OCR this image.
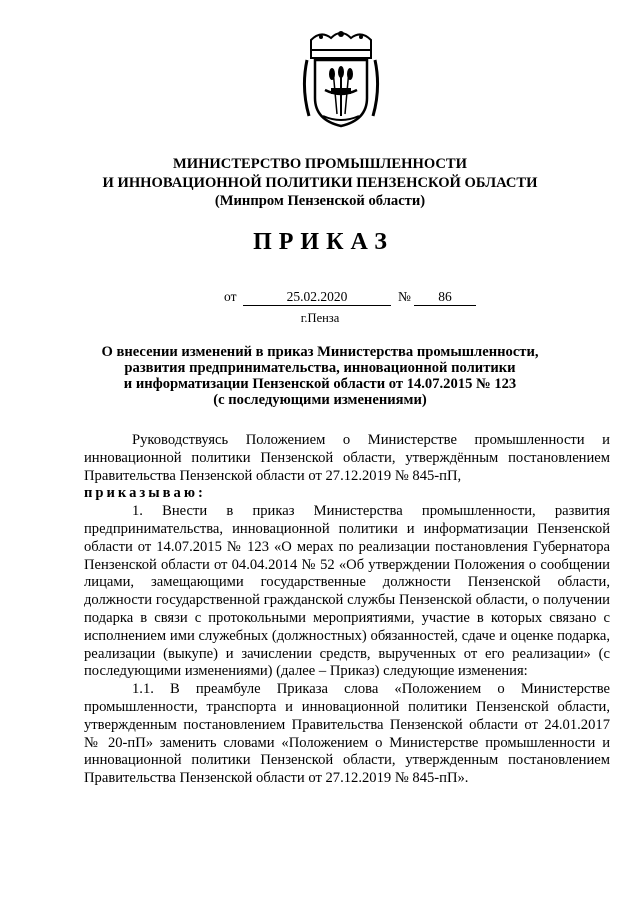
МИНИСТЕРСТВО ПРОМЫШЛЕННОСТИ
И ИННОВАЦИОННОЙ ПОЛИТИКИ ПЕНЗЕНСКОЙ ОБЛАСТИ
(Минпром Пензенской области)
ПРИКАЗ
от	25.02.2020	№	86
г.Пенза
О внесении изменений в приказ Министерства промышленности,
развития предпринимательства, инновационной политики
и информатизации Пензенской области от 14.07.2015 № 123
(с последующими изменениями)

Руководствуясь Положением о Министерстве промышленности и инновационной политики Пензенской области, утверждённым постановлением Правительства Пензенской области от 27.12.2019 № 845-пП,

приказываю:

1. Внести в приказ Министерства промышленности, развития предпринимательства, инновационной политики и информатизации Пензенской области от 14.07.2015 № 123 «О мерах по реализации постановления Губернатора Пензенской области от 04.04.2014 № 52 «Об утверждении Положения о сообщении лицами, замещающими государственные должности Пензенской области, должности государственной гражданской службы Пензенской области, о получении подарка в связи с протокольными мероприятиями, участие в которых связано с исполнением ими служебных (должностных) обязанностей, сдаче и оценке подарка, реализации (выкупе) и зачислении средств, вырученных от его реализации» (с последующими изменениями) (далее – Приказ) следующие изменения:

1.1. В преамбуле Приказа слова «Положением о Министерстве промышленности, транспорта и инновационной политики Пензенской области, утвержденным постановлением Правительства Пензенской области от 24.01.2017 № 20-пП» заменить словами «Положением о Министерстве промышленности и инновационной политики Пензенской области, утвержденным постановлением Правительства Пензенской области от 27.12.2019 № 845-пП».
